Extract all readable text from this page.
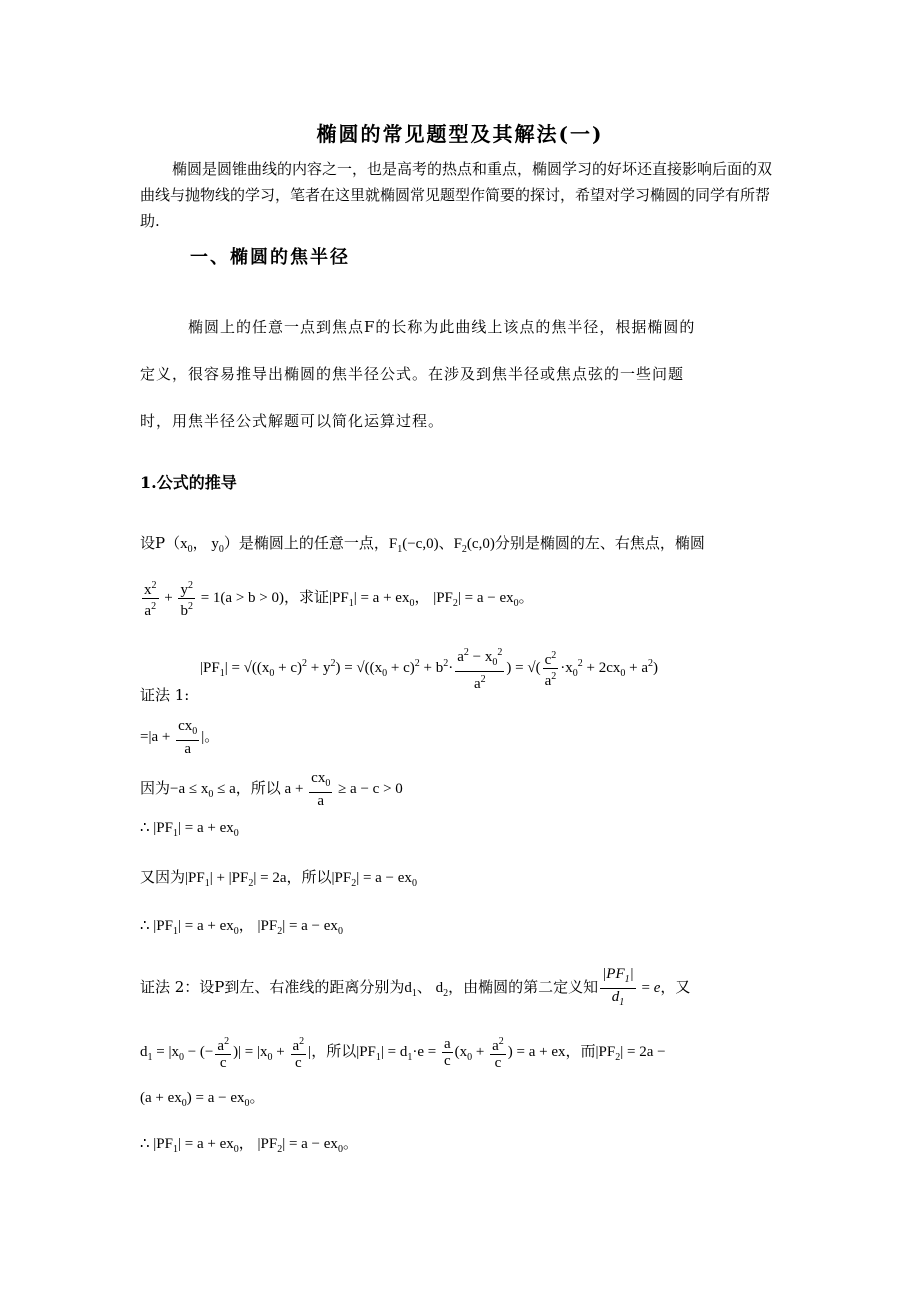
椭圆的常见题型及其解法(一)
椭圆是圆锥曲线的内容之一，也是高考的热点和重点，椭圆学习的好坏还直接影响后面的双曲线与抛物线的学习，笔者在这里就椭圆常见题型作简要的探讨，希望对学习椭圆的同学有所帮助.
一、椭圆的焦半径
椭圆上的任意一点到焦点F的长称为此曲线上该点的焦半径，根据椭圆的
定义，很容易推导出椭圆的焦半径公式。在涉及到焦半径或焦点弦的一些问题
时，用焦半径公式解题可以简化运算过程。
1.公式的推导
设$P(x_0$， $y_0$）是椭圆上的任意一点，$F_1(-c,0)$、$F_2(c,0)$分别是椭圆的左、右焦点，椭圆
$\frac{x^2}{a^2} + \frac{y^2}{b^2} = 1(a > b > 0)$，求证$|PF_1| = a + ex_0$， $|PF_2| = a - ex_0$。
$|PF_1| = √((x_0 + c)^2 + y^2) = √((x_0 + c)^2 + b^2\cdot \frac{a^2 - x_0^2}{a^2}$ ) = √( $\frac{c^2}{a^2} \cdot x_0^2 + 2cx_0 + a^2$)
证法 1:
$=|a + \frac{cx_0}{a}$ |。
因为$-a \le x_0 \le a$，所以 $a + \frac{cx_0}{a} \ge a - c > 0$
∴ $|PF_1| = a + ex_0$
又因为$|PF_1| + |PF_2| = 2a$，所以$|PF_2| = a - ex_0$
∴ $|PF_1| = a + ex_0$， $|PF_2| = a - ex_0$
证法 2：设P到左、右准线的距离分别为$d_1$、 $d_2$，由椭圆的第二定义知 $\frac{|PF_1|}{d_1} = e$，又
$d_1 = |x_0$ − (− $\frac{a^2}{c}$ )| = $|x_0 + \frac{a^2}{c}$ |，所以$|PF_1| = d_1\cdot e = \frac{a}{c} (x_0 + \frac{a^2}{c}$ ) = a + ex，而$|PF_2| = 2a$ −
$(a + ex_0) = a - ex_0$。
∴ $|PF_1| = a + ex_0$， $|PF_2| = a - ex_0$。
